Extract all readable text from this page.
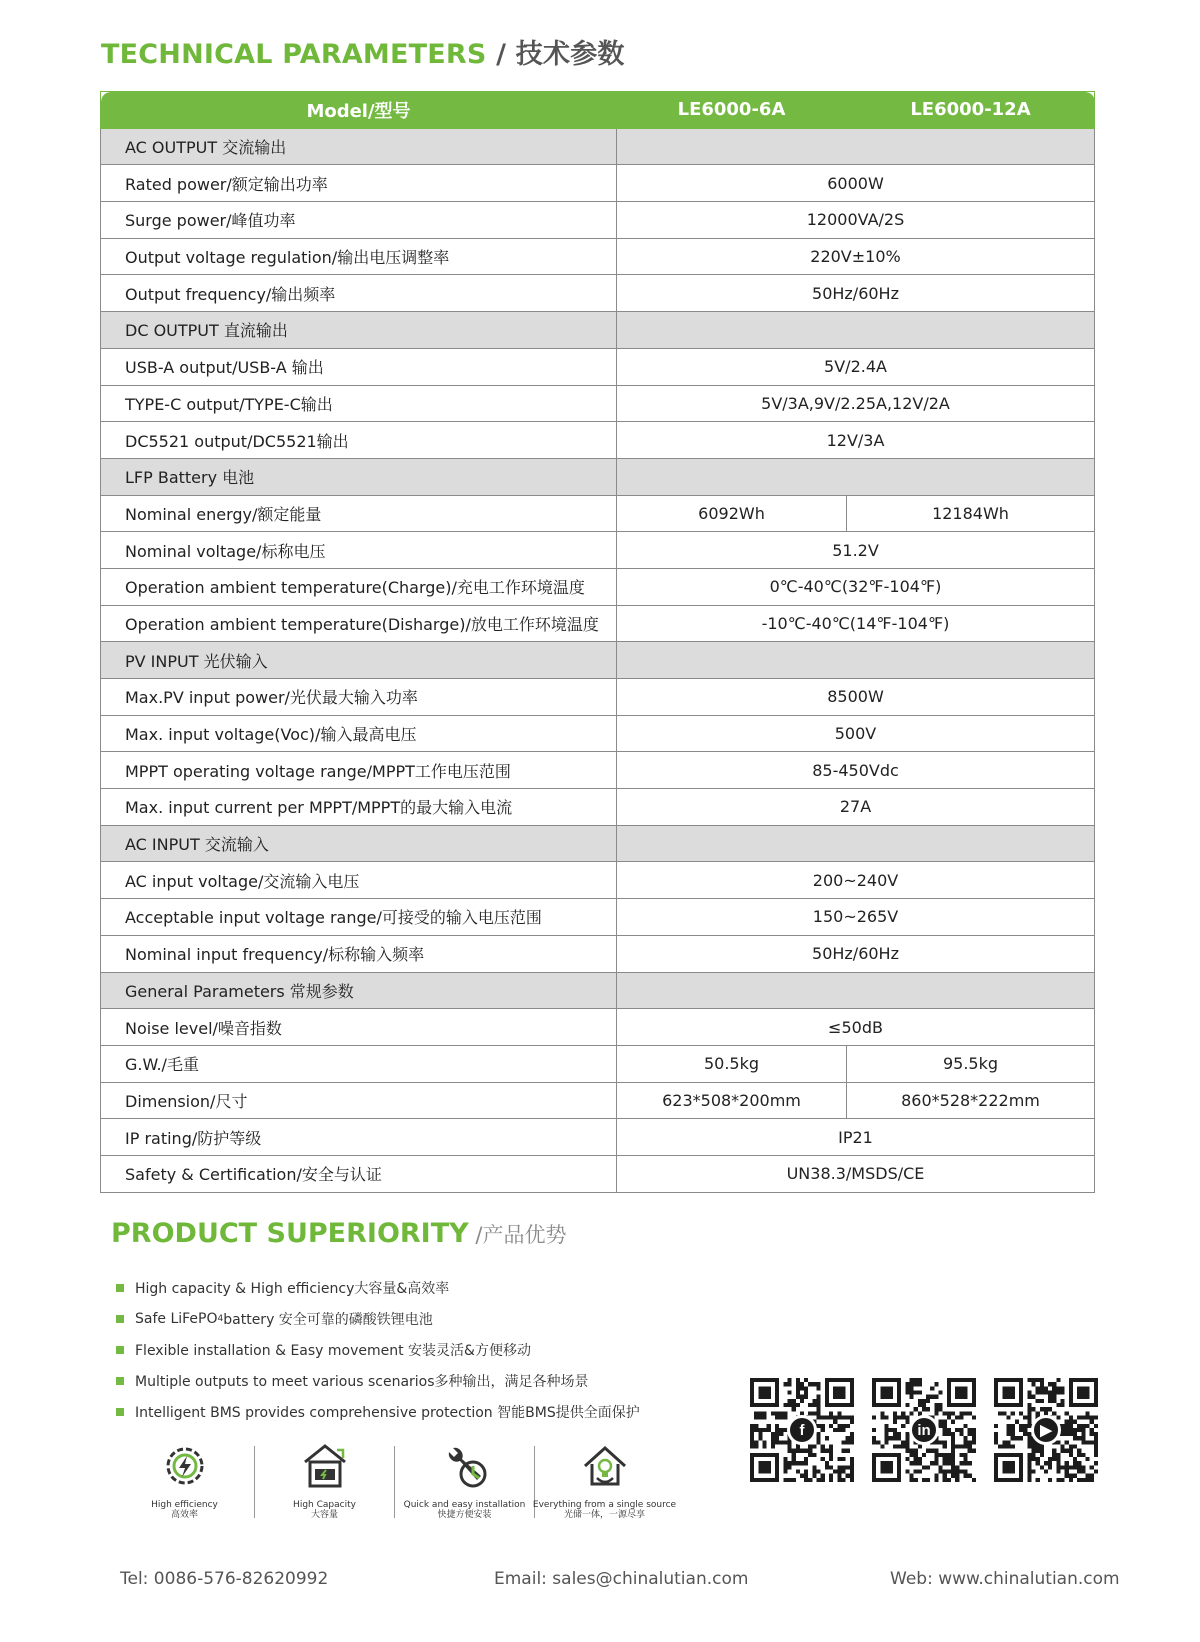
TECHNICAL PARAMETERS / 技术参数
Model/型号	LE6000-6A	LE6000-12A
AC OUTPUT 交流输出		
Rated power/额定输出功率	6000W	
Surge power/峰值功率	12000VA/2S	
Output voltage regulation/输出电压调整率	220V±10%	
Output frequency/输出频率	50Hz/60Hz	
DC OUTPUT 直流输出		
USB-A output/USB-A 输出	5V/2.4A	
TYPE-C output/TYPE-C输出	5V/3A,9V/2.25A,12V/2A	
DC5521 output/DC5521输出	12V/3A	
LFP Battery 电池		
Nominal energy/额定能量	6092Wh	12184Wh
Nominal voltage/标称电压	51.2V	
Operation ambient temperature(Charge)/充电工作环境温度	0℃-40℃(32℉-104℉)	
Operation ambient temperature(Disharge)/放电工作环境温度	-10℃-40℃(14℉-104℉)	
PV INPUT 光伏输入		
Max.PV input power/光伏最大输入功率	8500W	
Max. input voltage(Voc)/输入最高电压	500V	
MPPT operating voltage range/MPPT工作电压范围	85-450Vdc	
Max. input current per MPPT/MPPT的最大输入电流	27A	
AC INPUT 交流输入		
AC input voltage/交流输入电压	200~240V	
Acceptable input voltage range/可接受的输入电压范围	150~265V	
Nominal input frequency/标称输入频率	50Hz/60Hz	
General Parameters 常规参数		
Noise level/噪音指数	≤50dB	
G.W./毛重	50.5kg	95.5kg
Dimension/尺寸	623*508*200mm	860*528*222mm
IP rating/防护等级	IP21	
Safety & Certification/安全与认证	UN38.3/MSDS/CE	
PRODUCT SUPERIORITY /产品优势
High capacity & High efficiency大容量&高效率
Safe LiFePO 4 battery 安全可靠的磷酸铁锂电池
Flexible installation & Easy movement 安装灵活&方便移动
Multiple outputs to meet various scenarios多种输出，满足各种场景
Intelligent BMS provides comprehensive protection 智能BMS提供全面保护
High efficiency
高效率
High Capacity
大容量
Quick and easy installation
快捷方便安装
Everything from a single source
光储一体，一源尽享
f	in	▶
Tel: 0086-576-82620992	Email: sales@chinalutian.com	Web: www.chinalutian.com
